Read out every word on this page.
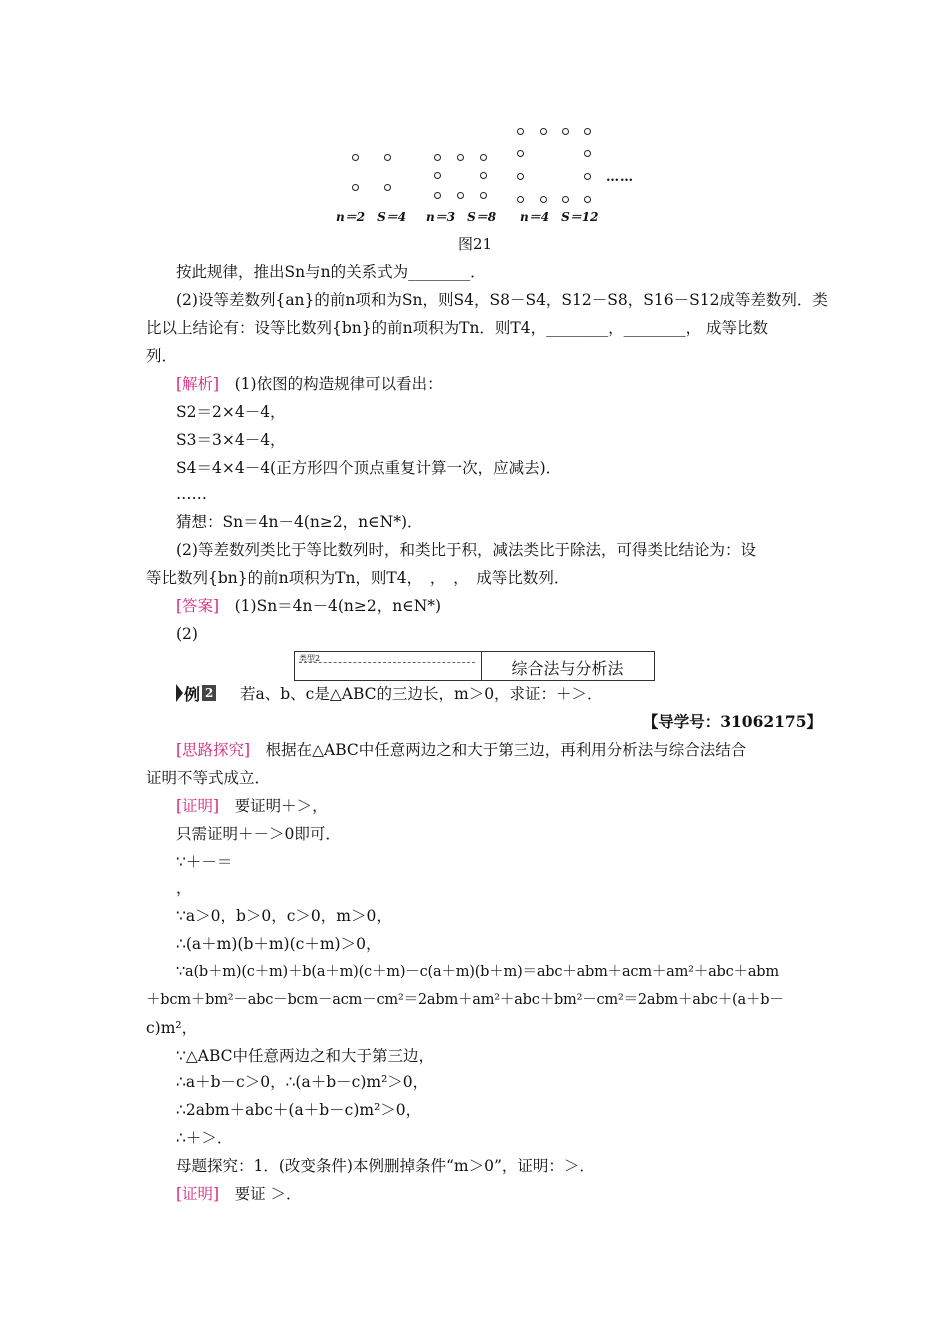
……
n＝2　S＝4 n＝3　S＝8 n＝4　S＝12
图21
按此规律，推出Sn与n的关系式为________．
(2)设等差数列{an}的前n项和为Sn，则S4，S8－S4，S12－S8，S16－S12成等差数列．类
比以上结论有：设等比数列{bn}的前n项积为Tn．则T4，________，________， 成等比数
列．
[解析]　 (1)依图的构造规律可以看出：
S2＝2×4－4，
S3＝3×4－4，
S4＝4×4－4(正方形四个顶点重复计算一次，应减去)．
……
猜想：Sn＝4n－4(n≥2，n∈N*)．
(2)等差数列类比于等比数列时，和类比于积，减法类比于除法，可得类比结论为：设
等比数列{bn}的前n项积为Tn，则T4，　，　，　成等比数列．
[答案]　 (1)Sn＝4n－4(n≥2，n∈N*)
(2)
类型2
综合法与分析法
例 2 若a、b、c是△ABC的三边长，m＞0，求证：＋＞．
【导学号：31062175】
[思路探究]　 根据在△ABC中任意两边之和大于第三边，再利用分析法与综合法结合
证明不等式成立．
[证明]　 要证明＋＞，
只需证明＋－＞0即可．
∵＋－＝
，
∵a＞0，b＞0，c＞0，m＞0，
∴(a＋m)(b＋m)(c＋m)＞0，
∵a(b＋m)(c＋m)＋b(a＋m)(c＋m)－c(a＋m)(b＋m)＝abc＋abm＋acm＋am²＋abc＋abm
＋bcm＋bm²－abc－bcm－acm－cm²＝2abm＋am²＋abc＋bm²－cm²＝2abm＋abc＋(a＋b－
c)m²，
∵△ABC中任意两边之和大于第三边，
∴a＋b－c＞0，∴(a＋b－c)m²＞0，
∴2abm＋abc＋(a＋b－c)m²＞0，
∴＋＞．
母题探究：1．(改变条件)本例删掉条件“m＞0”，证明：＞．
[证明]　 要证 ＞．
